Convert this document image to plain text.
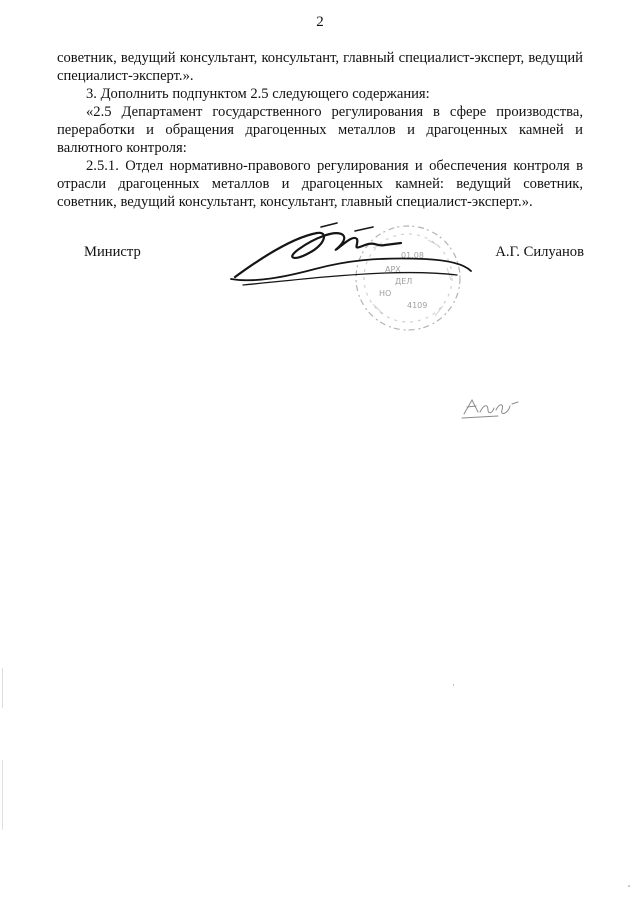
2

советник, ведущий консультант, консультант, главный специалист-эксперт, ведущий специалист-эксперт.».

3. Дополнить подпунктом 2.5 следующего содержания:

«2.5 Департамент государственного регулирования в сфере производства, переработки и обращения драгоценных металлов и драгоценных камней и валютного контроля:

2.5.1. Отдел нормативно-правового регулирования и обеспечения контроля в отрасли драгоценных металлов и драгоценных камней: ведущий советник, советник, ведущий консультант, консультант, главный специалист-эксперт.».

Министр	А.Г. Силуанов
01.08
АРХ
ДЕЛ
НО
4109
